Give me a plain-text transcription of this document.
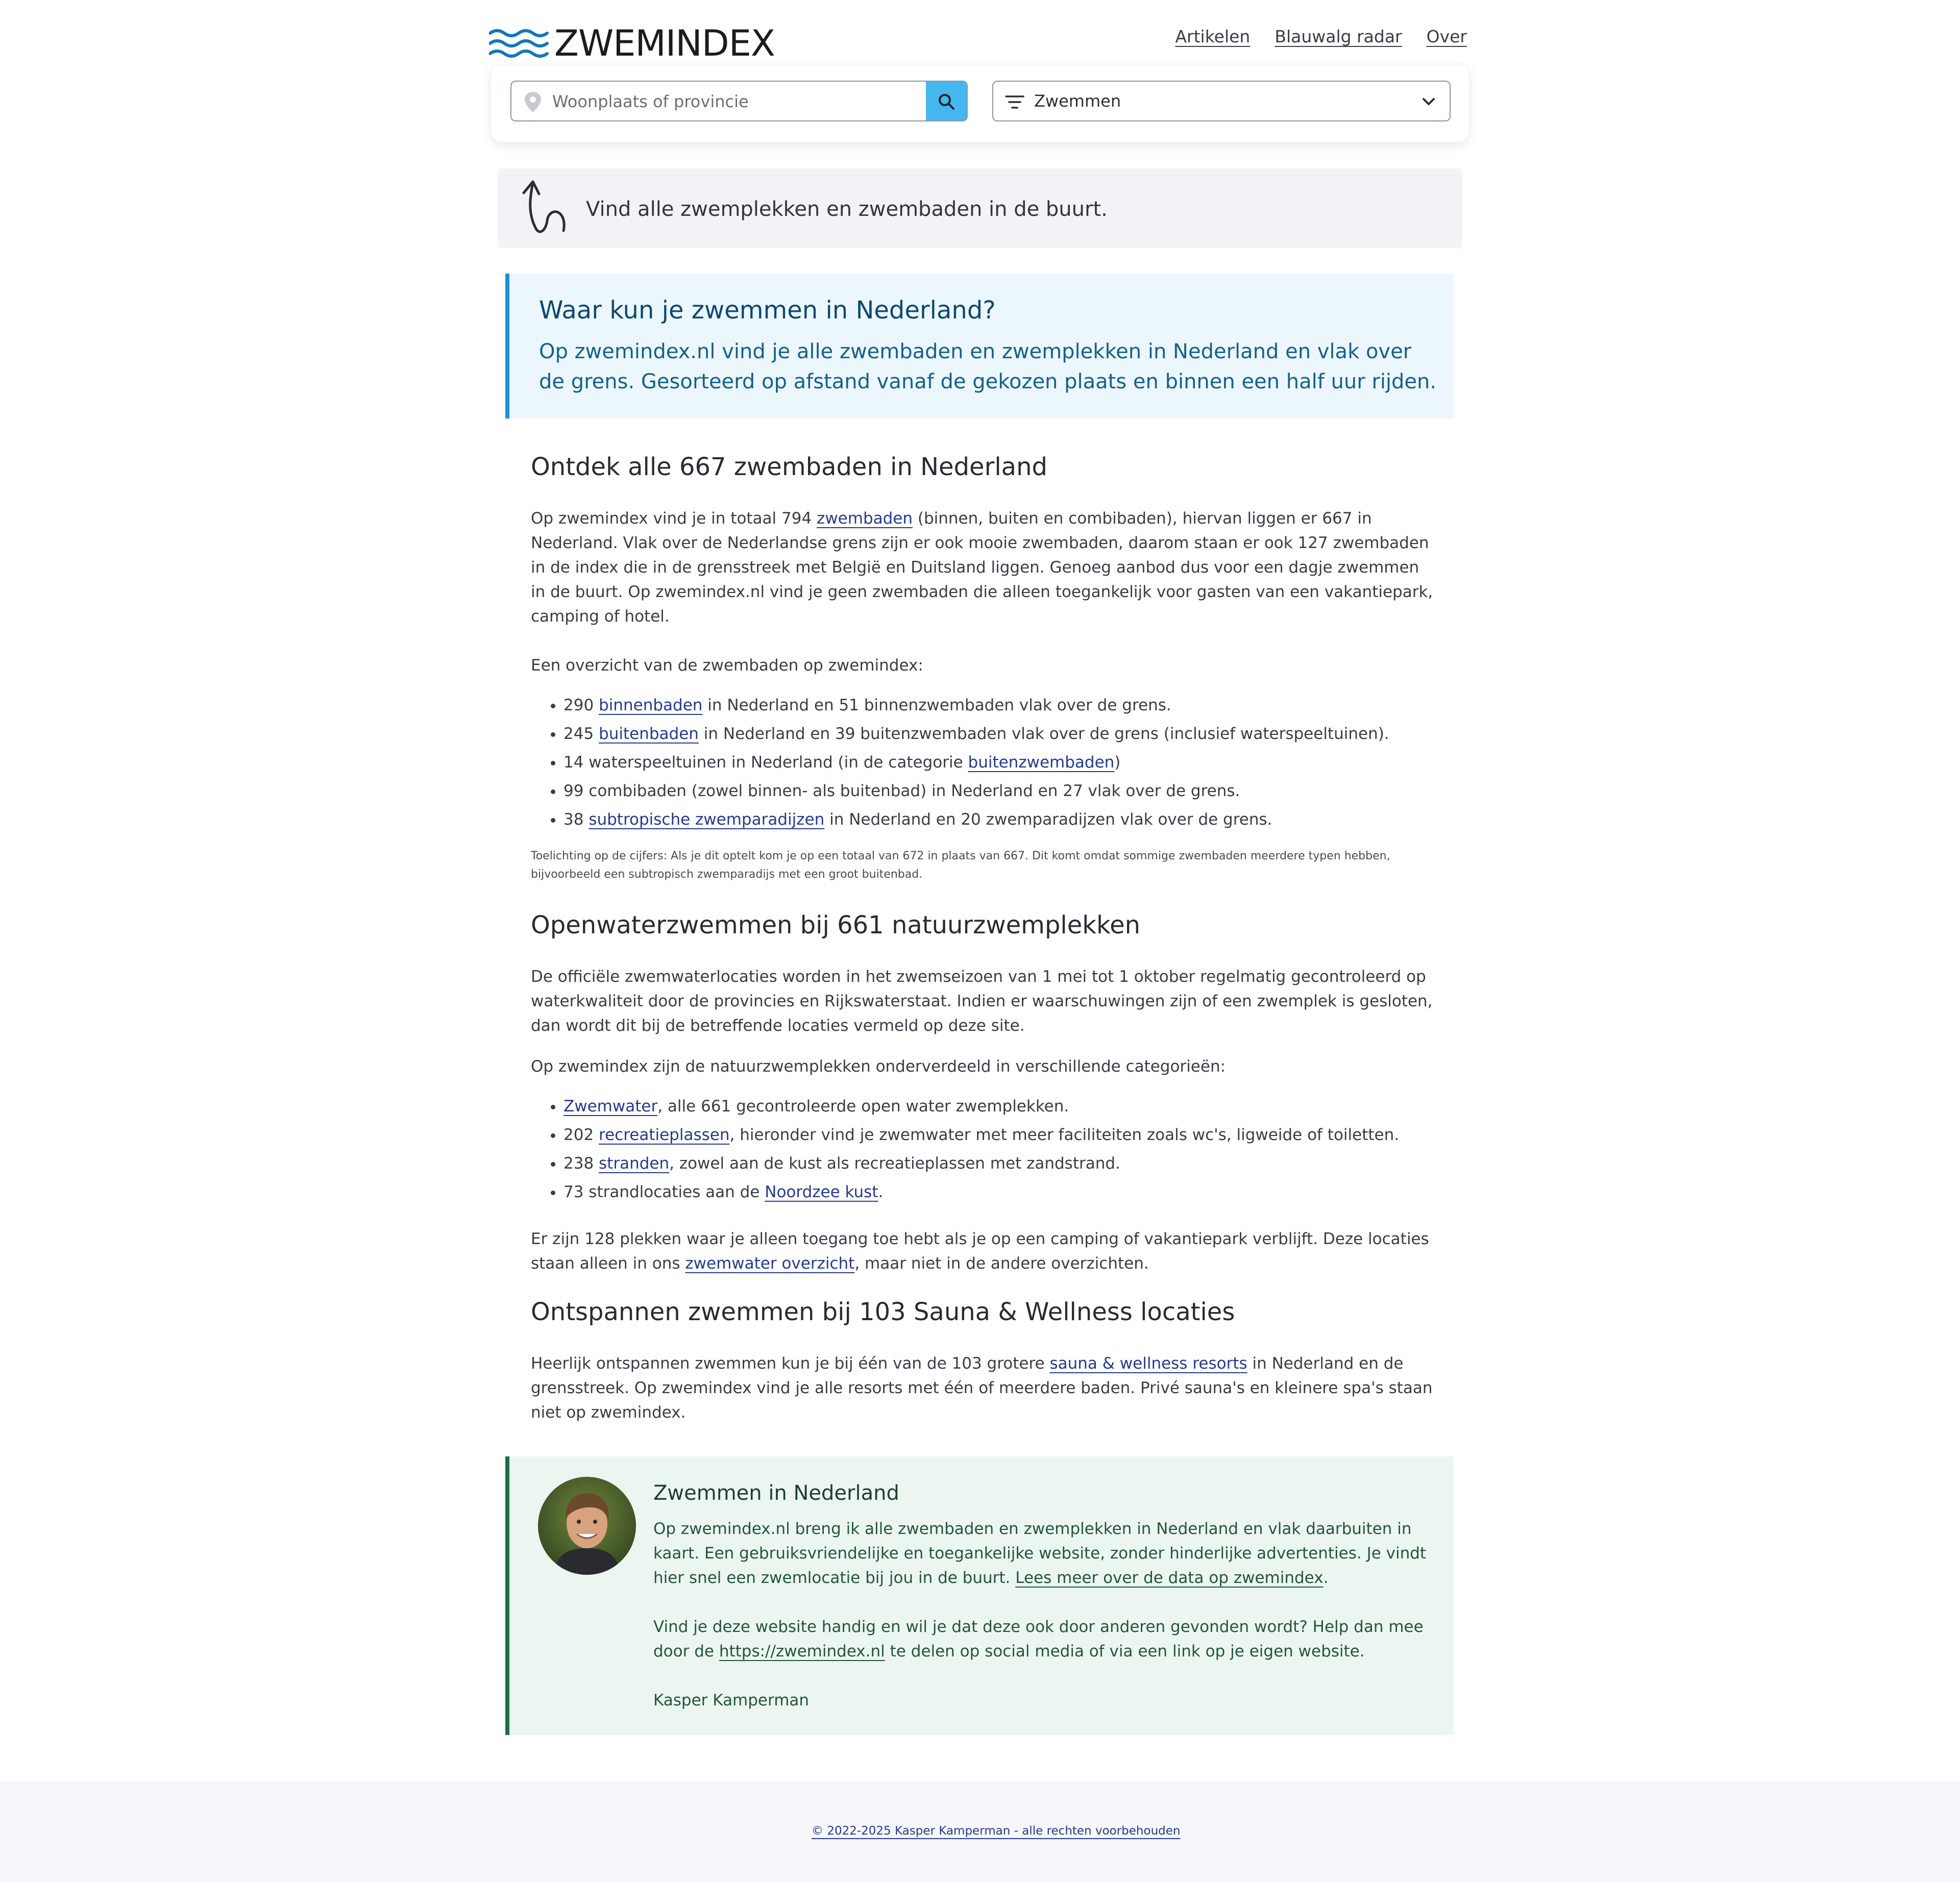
ZWEMINDEX	Artikelen Blauwalg radar Over
Woonplaats of provincie	Zwemmen
Vind alle zwemplekken en zwembaden in de buurt.
Waar kun je zwemmen in Nederland?

Op zwemindex.nl vind je alle zwembaden en zwemplekken in Nederland en vlak over de grens. Gesorteerd op afstand vanaf de gekozen plaats en binnen een half uur rijden.

Ontdek alle 667 zwembaden in Nederland

Op zwemindex vind je in totaal 794 zwembaden (binnen, buiten en combibaden), hiervan liggen er 667 in Nederland. Vlak over de Nederlandse grens zijn er ook mooie zwembaden, daarom staan er ook 127 zwembaden in de index die in de grensstreek met België en Duitsland liggen. Genoeg aanbod dus voor een dagje zwemmen in de buurt. Op zwemindex.nl vind je geen zwembaden die alleen toegankelijk voor gasten van een vakantiepark, camping of hotel.

Een overzicht van de zwembaden op zwemindex:

• 290 binnenbaden in Nederland en 51 binnenzwembaden vlak over de grens.
• 245 buitenbaden in Nederland en 39 buitenzwembaden vlak over de grens (inclusief waterspeeltuinen).
• 14 waterspeeltuinen in Nederland (in de categorie buitenzwembaden)
• 99 combibaden (zowel binnen- als buitenbad) in Nederland en 27 vlak over de grens.
• 38 subtropische zwemparadijzen in Nederland en 20 zwemparadijzen vlak over de grens.

Toelichting op de cijfers: Als je dit optelt kom je op een totaal van 672 in plaats van 667. Dit komt omdat sommige zwembaden meerdere typen hebben, bijvoorbeeld een subtropisch zwemparadijs met een groot buitenbad.

Openwaterzwemmen bij 661 natuurzwemplekken

De officiële zwemwaterlocaties worden in het zwemseizoen van 1 mei tot 1 oktober regelmatig gecontroleerd op waterkwaliteit door de provincies en Rijkswaterstaat. Indien er waarschuwingen zijn of een zwemplek is gesloten, dan wordt dit bij de betreffende locaties vermeld op deze site.

Op zwemindex zijn de natuurzwemplekken onderverdeeld in verschillende categorieën:

• Zwemwater, alle 661 gecontroleerde open water zwemplekken.
• 202 recreatieplassen, hieronder vind je zwemwater met meer faciliteiten zoals wc's, ligweide of toiletten.
• 238 stranden, zowel aan de kust als recreatieplassen met zandstrand.
• 73 strandlocaties aan de Noordzee kust.

Er zijn 128 plekken waar je alleen toegang toe hebt als je op een camping of vakantiepark verblijft. Deze locaties staan alleen in ons zwemwater overzicht, maar niet in de andere overzichten.

Ontspannen zwemmen bij 103 Sauna & Wellness locaties

Heerlijk ontspannen zwemmen kun je bij één van de 103 grotere sauna & wellness resorts in Nederland en de grensstreek. Op zwemindex vind je alle resorts met één of meerdere baden. Privé sauna's en kleinere spa's staan niet op zwemindex.

Zwemmen in Nederland

Op zwemindex.nl breng ik alle zwembaden en zwemplekken in Nederland en vlak daarbuiten in kaart. Een gebruiksvriendelijke en toegankelijke website, zonder hinderlijke advertenties. Je vindt hier snel een zwemlocatie bij jou in de buurt. Lees meer over de data op zwemindex.

Vind je deze website handig en wil je dat deze ook door anderen gevonden wordt? Help dan mee door de https://zwemindex.nl te delen op social media of via een link op je eigen website.

Kasper Kamperman

© 2022-2025 Kasper Kamperman - alle rechten voorbehouden
